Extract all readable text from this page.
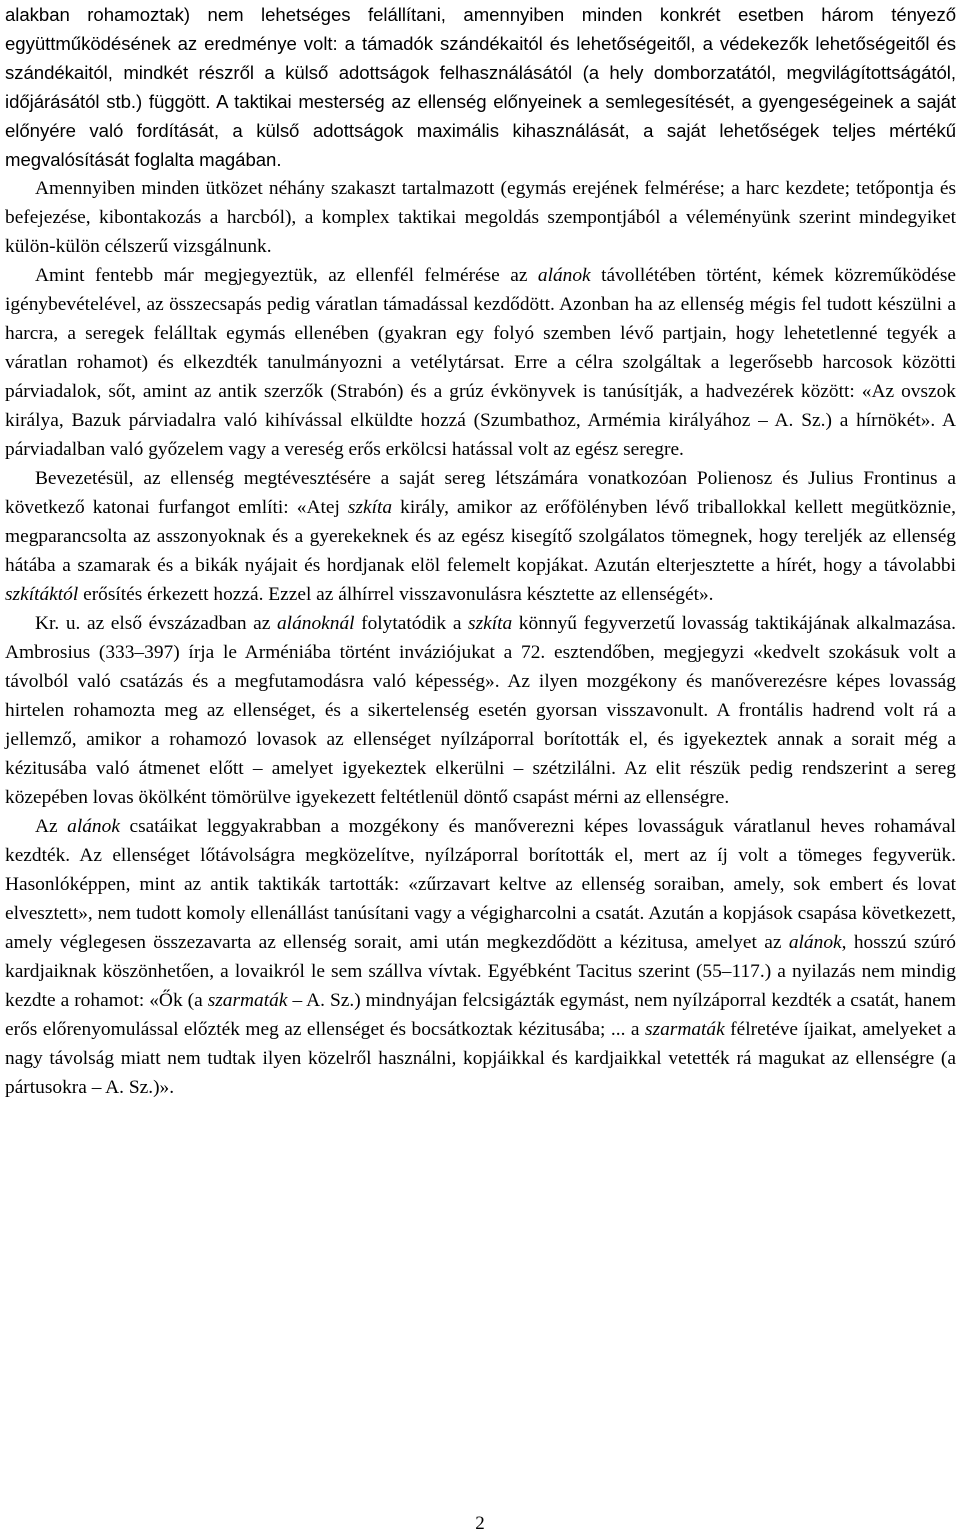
alakban rohamoztak) nem lehetséges felállítani, amennyiben minden konkrét esetben három tényező együttműködésének az eredménye volt: a támadók szándékaitól és lehetőségeitől, a védekezők lehetőségeitől és szándékaitól, mindkét részről a külső adottságok felhasználásától (a hely domborzatától, megvilágítottságától, időjárásától stb.) függött. A taktikai mesterség az ellenség előnyeinek a semlegesítését, a gyengeségeinek a saját előnyére való fordítását, a külső adottságok maximális kihasználását, a saját lehetőségek teljes mértékű megvalósítását foglalta magában.

Amennyiben minden ütközet néhány szakaszt tartalmazott (egymás erejének felmérése; a harc kezdete; tetőpontja és befejezése, kibontakozás a harcból), a komplex taktikai megoldás szempontjából a véleményünk szerint mindegyiket külön-külön célszerű vizsgálnunk.

Amint fentebb már megjegyeztük, az ellenfél felmérése az alánok távollétében történt, kémek közreműködése igénybevételével, az összecsapás pedig váratlan támadással kezdődött. Azonban ha az ellenség mégis fel tudott készülni a harcra, a seregek felálltak egymás ellenében (gyakran egy folyó szemben lévő partjain, hogy lehetetlenné tegyék a váratlan rohamot) és elkezdték tanulmányozni a vetélytársat. Erre a célra szolgáltak a legerősebb harcosok közötti párviadalok, sőt, amint az antik szerzők (Strabón) és a grúz évkönyvek is tanúsítják, a hadvezérek között: «Az ovszok királya, Bazuk párviadalra való kihívással elküldte hozzá (Szumbathoz, Armémia királyához – A. Sz.) a hírnökét». A párviadalban való győzelem vagy a vereség erős erkölcsi hatással volt az egész seregre.

Bevezetésül, az ellenség megtévesztésére a saját sereg létszámára vonatkozóan Polienosz és Julius Frontinus a következő katonai furfangot említi: «Atej szkíta király, amikor az erőfölényben lévő triballokkal kellett megütköznie, megparancsolta az asszonyoknak és a gyerekeknek és az egész kisegítő szolgálatos tömegnek, hogy tereljék az ellenség hátába a szamarak és a bikák nyájait és hordjanak elöl felemelt kopjákat. Azután elterjesztette a hírét, hogy a távolabbi szkítáktól erősítés érkezett hozzá. Ezzel az álhírrel visszavonulásra késztette az ellenségét».

Kr. u. az első évszázadban az alánoknál folytatódik a szkíta könnyű fegyverzetű lovasság taktikájának alkalmazása. Ambrosius (333–397) írja le Arméniába történt inváziójukat a 72. esztendőben, megjegyzi «kedvelt szokásuk volt a távolból való csatázás és a megfutamodásra való képesség». Az ilyen mozgékony és manőverezésre képes lovasság hirtelen rohamozta meg az ellenséget, és a sikertelenség esetén gyorsan visszavonult. A frontális hadrend volt rá a jellemző, amikor a rohamozó lovasok az ellenséget nyílzáporral borították el, és igyekeztek annak a sorait még a kézitusába való átmenet előtt – amelyet igyekeztek elkerülni – szétzilálni. Az elit részük pedig rendszerint a sereg közepében lovas ökölként tömörülve igyekezett feltétlenül döntő csapást mérni az ellenségre.

Az alánok csatáikat leggyakrabban a mozgékony és manőverezni képes lovasságuk váratlanul heves rohamával kezdték. Az ellenséget lőtávolságra megközelítve, nyílzáporral borították el, mert az íj volt a tömeges fegyverük. Hasonlóképpen, mint az antik taktikák tartották: «zűrzavart keltve az ellenség soraiban, amely, sok embert és lovat elvesztett», nem tudott komoly ellenállást tanúsítani vagy a végigharcolni a csatát. Azután a kopjások csapása következett, amely véglegesen összezavarta az ellenség sorait, ami után megkezdődött a kézitusa, amelyet az alánok, hosszú szúró kardjaiknak köszönhetően, a lovaikról le sem szállva vívtak. Egyébként Tacitus szerint (55–117.) a nyilazás nem mindig kezdte a rohamot: «Ők (a szarmaták – A. Sz.) mindnyájan felcsigázták egymást, nem nyílzáporral kezdték a csatát, hanem erős előrenyomulással előzték meg az ellenséget és bocsátkoztak kézitusába; ... a szarmaták félretéve íjaikat, amelyeket a nagy távolság miatt nem tudtak ilyen közelről használni, kopjáikkal és kardjaikkal vetették rá magukat az ellenségre (a pártusokra – A. Sz.)».

2
